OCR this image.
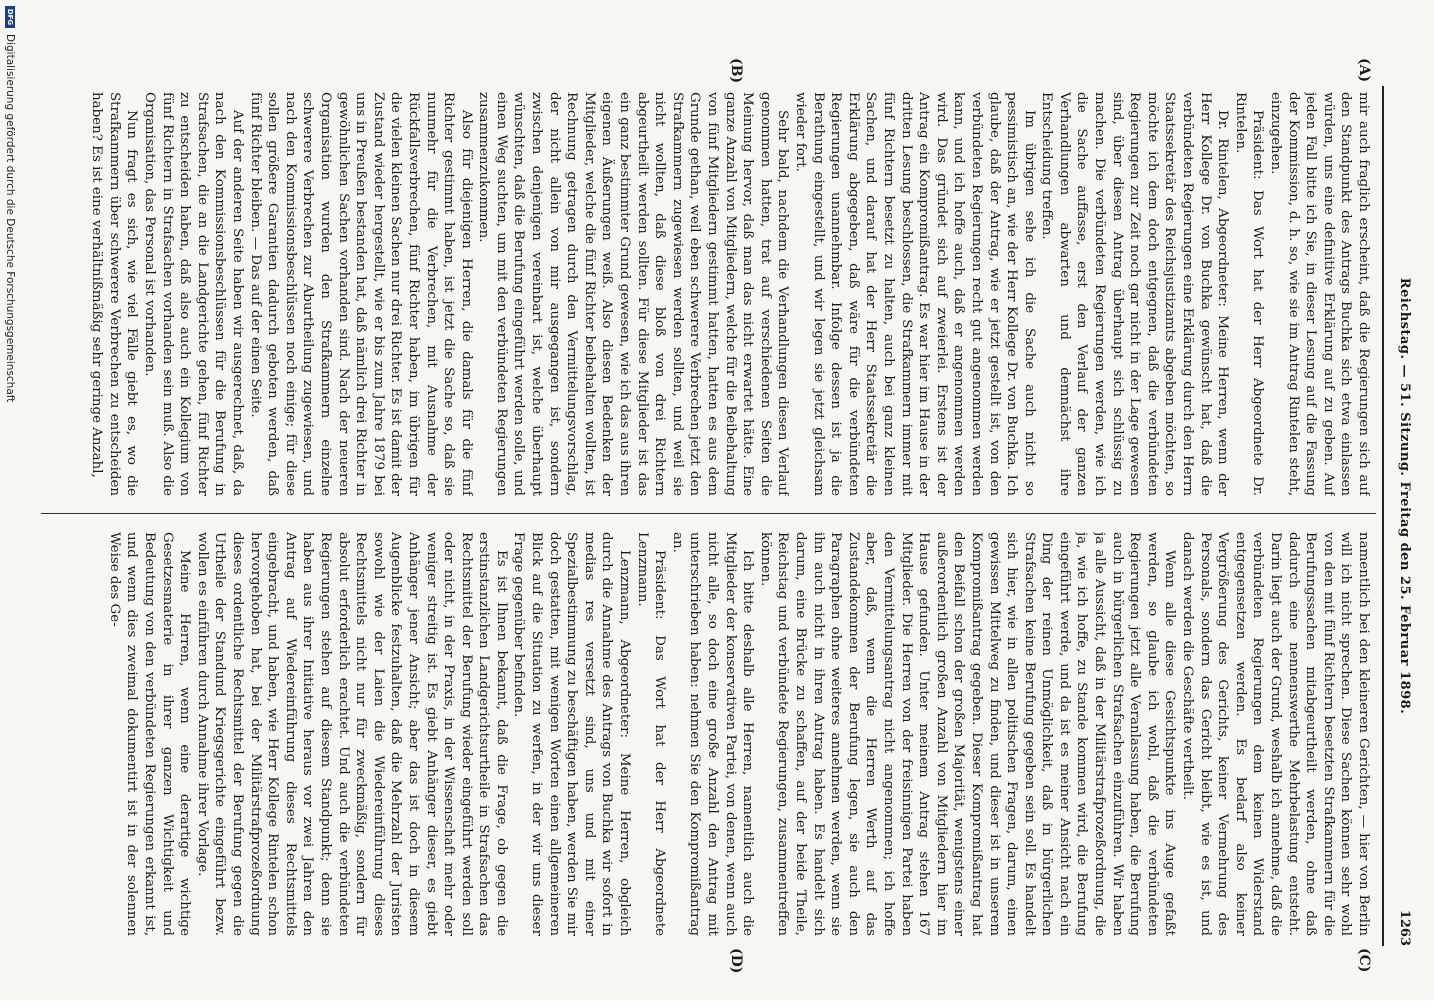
Reichstag. — 51. Sitzung. Freitag den 25. Februar 1898.
1263
(A)
(B)
(C)
(D)

mir auch fraglich erscheint, daß die Regierungen sich auf den Standpunkt des Antrags Buchka sich etwa einlassen würden, uns eine definitive Erklärung auf zu geben. Auf jeden Fall bitte ich Sie, in dieser Lesung auf die Fassung der Kommission, d. h. so, wie sie im Antrag Rintelen steht, einzugehen.

Präsident: Das Wort hat der Herr Abgeordnete Dr. Rintelen.

Dr. Rintelen, Abgeordneter: Meine Herren, wenn der Herr Kollege Dr. von Buchka gewünscht hat, daß die verbündeten Regierungen eine Erklärung durch den Herrn Staatssekretär des Reichsjustizamts abgeben möchten, so möchte ich dem doch entgegnen, daß die verbündeten Regierungen zur Zeit noch gar nicht in der Lage gewesen sind, über diesen Antrag überhaupt sich schlüssig zu machen. Die verbündeten Regierungen werden, wie ich die Sache auffasse, erst den Verlauf der ganzen Verhandlungen abwarten und demnächst ihre Entscheidung treffen.

Im übrigen sehe ich die Sache auch nicht so pessimistisch an, wie der Herr Kollege Dr. von Buchka. Ich glaube, daß der Antrag, wie er jetzt gestellt ist, von den verbündeten Regierungen recht gut angenommen werden kann, und ich hoffe auch, daß er angenommen werden wird. Das gründet sich auf zweierlei. Erstens ist der Antrag ein Kompromißantrag. Es war hier im Hause in der dritten Lesung beschlossen, die Strafkammern immer mit fünf Richtern besetzt zu halten, auch bei ganz kleinen Sachen, und darauf hat der Herr Staatssekretär die Erklärung abgegeben, daß wäre für die verbündeten Regierungen unannehmbar. Infolge dessen ist ja die Berathung eingestellt, und wir legen sie jetzt gleichsam wieder fort.

Sehr bald, nachdem die Verhandlungen diesen Verlauf genommen hatten, trat auf verschiedenen Seiten die Meinung hervor, daß man das nicht erwartet hätte. Eine ganze Anzahl von Mitgliedern, welche für die Beibehaltung von fünf Mitgliedern gestimmt hatten, hatten es aus dem Grunde gethan, weil eben schwerere Verbrechen jetzt den Strafkammern zugewiesen werden sollten, und weil sie nicht wollten, daß diese bloß von drei Richtern abgeurtheilt werden sollten. Für diese Mitglieder ist das ein ganz bestimmter Grund gewesen, wie ich das aus ihren eigenen Äußerungen weiß. Also diesen Bedenken der Mitglieder, welche die fünf Richter beibehalten wollten, ist Rechnung getragen durch den Vermittelungsvorschlag, der nicht allein von mir ausgegangen ist, sondern zwischen denjenigen vereinbart ist, welche überhaupt wünschten, daß die Berufung eingeführt werden solle, und einen Weg suchten, um mit den verbündeten Regierungen zusammenzukommen.

Also für diejenigen Herren, die damals für die fünf Richter gestimmt haben, ist jetzt die Sache so, daß sie nunmehr für die Verbrechen, mit Ausnahme der Rückfallsverbrechen, fünf Richter haben, im übrigen für die vielen kleinen Sachen nur drei Richter. Es ist damit der Zustand wieder hergestellt, wie er bis zum Jahre 1879 bei uns in Preußen bestanden hat, daß nämlich drei Richter in gewöhnlichen Sachen vorhanden sind. Nach der neueren Organisation wurden den Strafkammern einzelne schwerere Verbrechen zur Aburtheilung zugewiesen, und nach den Kommissionsbeschlüssen noch einige; für diese sollen größere Garantien dadurch geboten werden, daß fünf Richter bleiben. — Das auf der einen Seite.

Auf der anderen Seite haben wir ausgerechnet, daß, da nach den Kommissionsbeschlüssen für die Berufung in Strafsachen, die an die Landgerichte gehen, fünf Richter zu entscheiden haben, daß also auch ein Kollegium von fünf Richtern in Strafsachen vorhanden sein muß. Also die Organisation, das Personal ist vorhanden.

Nun fragt es sich, wie viel Fälle giebt es, wo die Strafkammern über schwerere Verbrechen zu entscheiden haben? Es ist eine verhältnißmäßig sehr geringe Anzahl,

namentlich bei den kleineren Gerichten, — hier von Berlin will ich nicht sprechen. Diese Sachen können sehr wohl von den mit fünf Richtern besetzten Strafkammern für die Berufungssachen mitabgeurtheilt werden, ohne daß dadurch eine nennenswerthe Mehrbelastung entsteht. Darin liegt auch der Grund, weshalb ich annehme, daß die verbündeten Regierungen dem keinen Widerstand entgegensetzen werden. Es bedarf also keiner Vergrößerung des Gerichts, keiner Vermehrung des Personals, sondern das Gericht bleibt, wie es ist, und danach werden die Geschäfte vertheilt.

Wenn alle diese Gesichtspunkte ins Auge gefaßt werden, so glaube ich wohl, daß die verbündeten Regierungen jetzt alle Veranlassung haben, die Berufung auch in bürgerlichen Strafsachen einzuführen. Wir haben ja alle Aussicht, daß in der Militärstrafprozeßordnung, die ja, wie ich hoffe, zu Stande kommen wird, die Berufung eingeführt werde, und da ist es meiner Ansicht nach ein Ding der reinen Unmöglichkeit, daß in bürgerlichen Strafsachen keine Berufung gegeben sein soll. Es handelt sich hier, wie in allen politischen Fragen, darum, einen gewissen Mittelweg zu finden, und dieser ist in unserem Kompromißantrag gegeben. Dieser Kompromißantrag hat den Beifall schon der großen Majorität, wenigstens einer außerordentlich großen Anzahl von Mitgliedern hier im Hause gefunden. Unter meinem Antrag stehen 167 Mitglieder. Die Herren von der freisinnigen Partei haben den Vermittelungsantrag nicht angenommen; ich hoffe aber, daß, wenn die Herren Werth auf das Zustandekommen der Berufung legen, sie auch den Paragraphen ohne weiteres annehmen werden, wenn sie ihn auch nicht in ihren Antrag haben. Es handelt sich darum, eine Brücke zu schaffen, auf der beide Theile, Reichstag und verbündete Regierungen, zusammentreffen können.

Ich bitte deshalb alle Herren, namentlich auch die Mitglieder der konservativen Partei, von denen, wenn auch nicht alle, so doch eine große Anzahl den Antrag mit unterschrieben haben: nehmen Sie den Kompromißantrag an.

Präsident: Das Wort hat der Herr Abgeordnete Lenzmann.

Lenzmann, Abgeordneter: Meine Herren, obgleich durch die Annahme des Antrags von Buchka wir sofort in medias res versetzt sind, uns und mit einer Spezialbestimmung zu beschäftigen haben, werden Sie mir doch gestatten, mit wenigen Worten einen allgemeineren Blick auf die Situation zu werfen, in der wir uns dieser Frage gegenüber befinden.

Es ist Ihnen bekannt, daß die Frage, ob gegen die erstinstanzlichen Landgerichtsurtheile in Strafsachen das Rechtsmittel der Berufung wieder eingeführt werden soll oder nicht, in der Praxis, in der Wissenschaft mehr oder weniger streitig ist. Es giebt Anhänger dieser, es giebt Anhänger jener Ansicht; aber das ist doch in diesem Augenblicke festzuhalten, daß die Mehrzahl der Juristen sowohl wie der Laien die Wiedereinführung dieses Rechtsmittels nicht nur für zweckmäßig, sondern für absolut erforderlich erachtet. Und auch die verbündeten Regierungen stehen auf diesem Standpunkt; denn sie haben aus ihrer Initiative heraus vor zwei Jahren den Antrag auf Wiedereinführung dieses Rechtsmittels eingebracht, und haben, wie Herr Kollege Rintelen schon hervorgehoben hat, bei der Militärstrafprozeßordnung dieses ordentliche Rechtsmittel der Berufung gegen die Urtheile der Standund Kriegsgerichte eingeführt bezw. wollen es einführen durch Annahme ihrer Vorlage.

Meine Herren, wenn eine derartige wichtige Gesetzesmaterie in ihrer ganzen Wichtigkeit und Bedeutung von den verbündeten Regierungen erkannt ist, und wenn dies zweimal dokumentirt ist in der solennen Weise des Ge-

DFG
Digitalisierung gefördert durch die Deutsche Forschungsgemeinschaft
